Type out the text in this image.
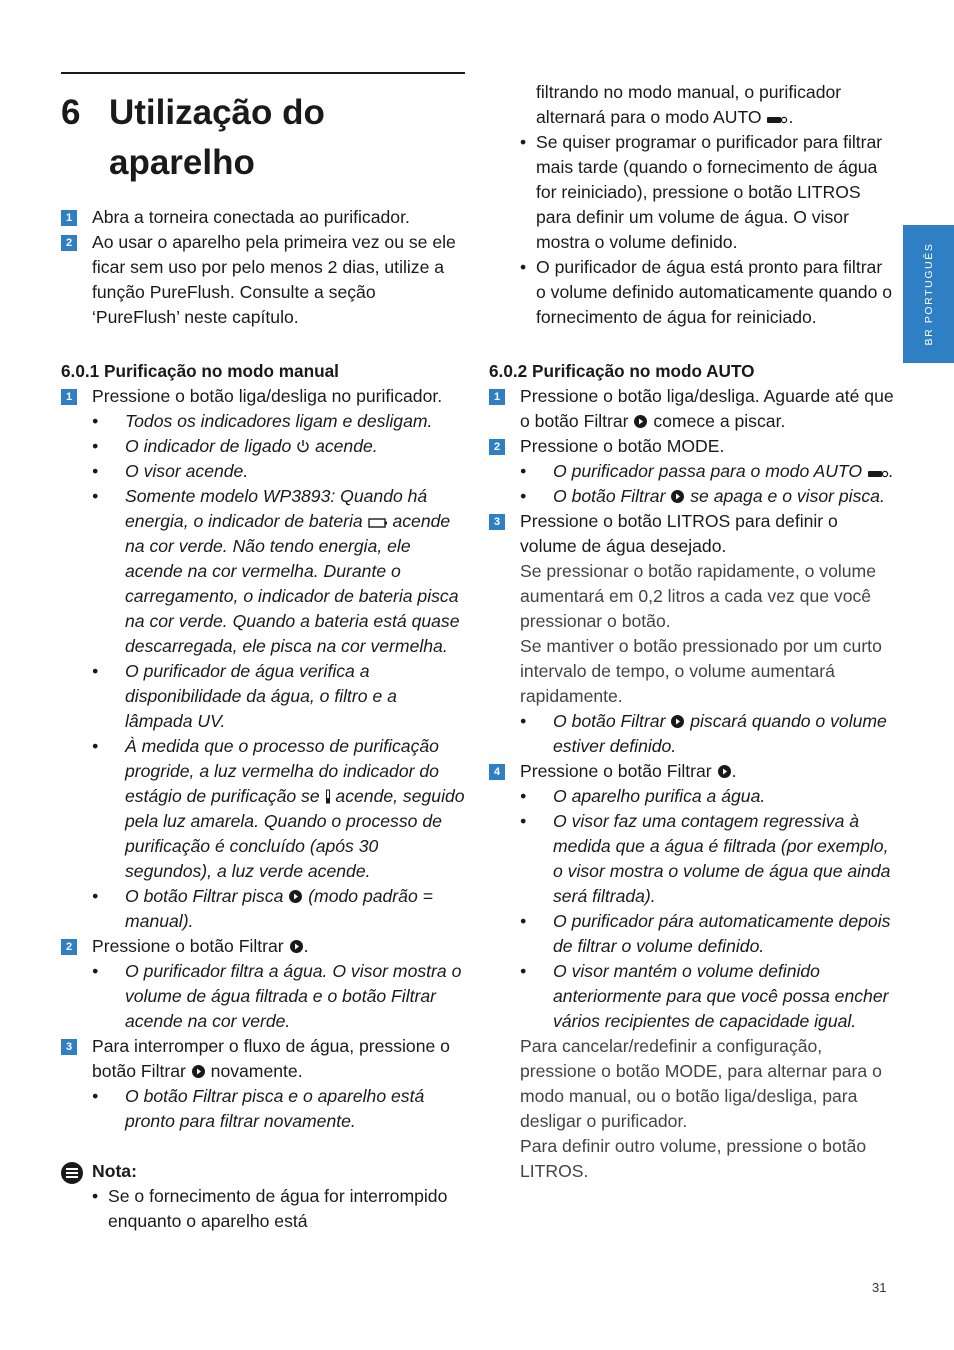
6 Utilização do aparelho
1 Abra a torneira conectada ao purificador.
2 Ao usar o aparelho pela primeira vez ou se ele ficar sem uso por pelo menos 2 dias, utilize a função PureFlush. Consulte a seção ‘PureFlush’ neste capítulo.

6.0.1 Purificação no modo manual

1 Pressione o botão liga/desliga no purificador.
• Todos os indicadores ligam e desligam.
• O indicador de ligado acende.
• O visor acende.
• Somente modelo WP3893: Quando há energia, o indicador de bateria acende na cor verde. Não tendo energia, ele acende na cor vermelha. Durante o carregamento, o indicador de bateria pisca na cor verde. Quando a bateria está quase descarregada, ele pisca na cor vermelha.
• O purificador de água verifica a disponibilidade da água, o filtro e a lâmpada UV.
• À medida que o processo de purificação progride, a luz vermelha do indicador do estágio de purificação se acende, seguido pela luz amarela. Quando o processo de purificação é concluído (após 30 segundos), a luz verde acende.
• O botão Filtrar pisca (modo padrão = manual).
2 Pressione o botão Filtrar .
• O purificador filtra a água. O visor mostra o volume de água filtrada e o botão Filtrar acende na cor verde.
3 Para interromper o fluxo de água, pressione o botão Filtrar novamente.
• O botão Filtrar pisca e o aparelho está pronto para filtrar novamente.
Nota:
• Se o fornecimento de água for interrompido enquanto o aparelho está
filtrando no modo manual, o purificador alternará para o modo AUTO .
• Se quiser programar o purificador para filtrar mais tarde (quando o fornecimento de água for reiniciado), pressione o botão LITROS para definir um volume de água. O visor mostra o volume definido.
• O purificador de água está pronto para filtrar o volume definido automaticamente quando o fornecimento de água for reiniciado.

6.0.2 Purificação no modo AUTO

1 Pressione o botão liga/desliga. Aguarde até que o botão Filtrar comece a piscar.
2 Pressione o botão MODE.
• O purificador passa para o modo AUTO .
• O botão Filtrar se apaga e o visor pisca.
3 Pressione o botão LITROS para definir o volume de água desejado.
Se pressionar o botão rapidamente, o volume aumentará em 0,2 litros a cada vez que você pressionar o botão.
Se mantiver o botão pressionado por um curto intervalo de tempo, o volume aumentará rapidamente.
• O botão Filtrar piscará quando o volume estiver definido.
4 Pressione o botão Filtrar .
• O aparelho purifica a água.
• O visor faz uma contagem regressiva à medida que a água é filtrada (por exemplo, o visor mostra o volume de água que ainda será filtrada).
• O purificador pára automaticamente depois de filtrar o volume definido.
• O visor mantém o volume definido anteriormente para que você possa encher vários recipientes de capacidade igual.
Para cancelar/redefinir a configuração, pressione o botão MODE, para alternar para o modo manual, ou o botão liga/desliga, para desligar o purificador.
Para definir outro volume, pressione o botão LITROS.
BR PORTUGUÊS
31
